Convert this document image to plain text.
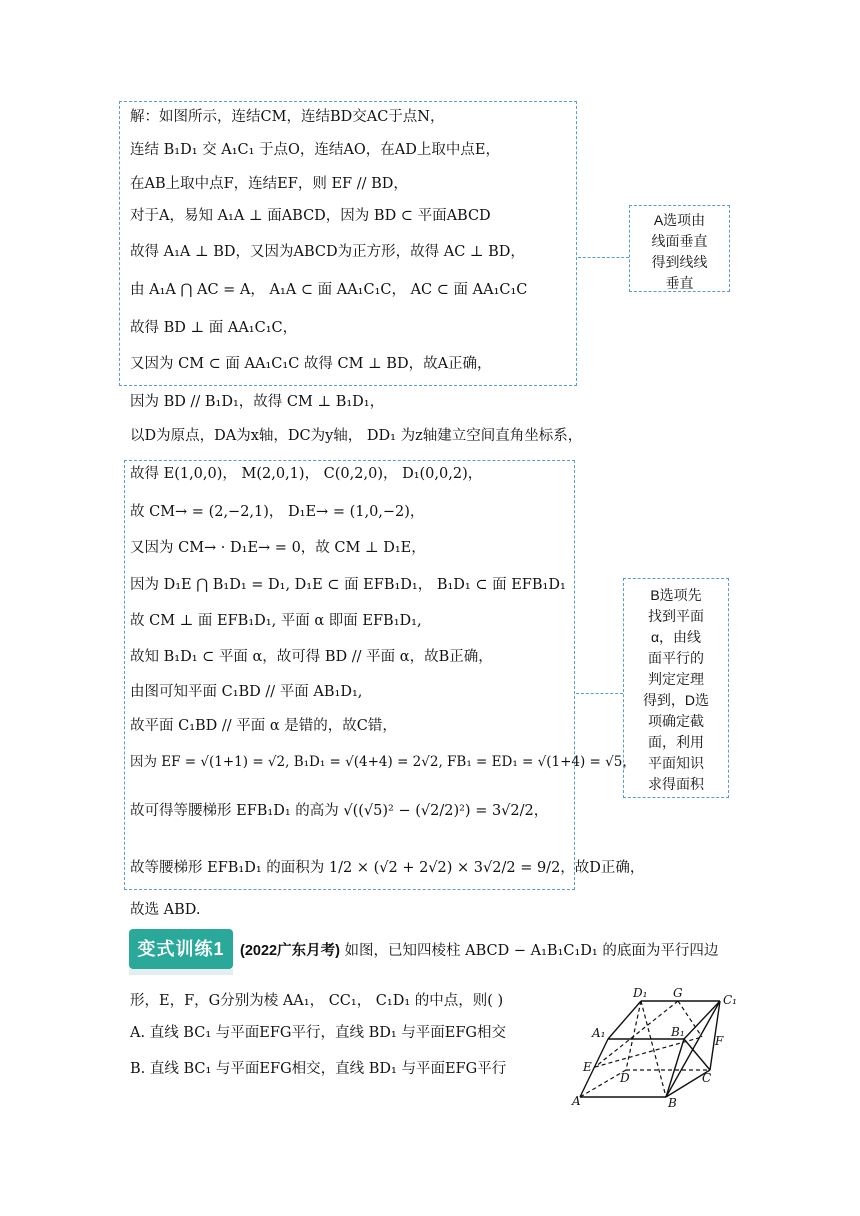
解：如图所示，连结CM，连结BD交AC于点N，
连结 B₁D₁ 交 A₁C₁ 于点O，连结AO，在AD上取中点E，
在AB上取中点F，连结EF，则 EF // BD，
对于A，易知 A₁A ⊥ 面ABCD，因为 BD ⊂ 平面ABCD
故得 A₁A ⊥ BD，又因为ABCD为正方形，故得 AC ⊥ BD，
由 A₁A ⋂ AC = A， A₁A ⊂ 面 AA₁C₁C， AC ⊂ 面 AA₁C₁C
故得 BD ⊥ 面 AA₁C₁C，
又因为 CM ⊂ 面 AA₁C₁C 故得 CM ⊥ BD，故A正确，
A选项由
线面垂直
得到线线
垂直
因为 BD // B₁D₁，故得 CM ⊥ B₁D₁，
以D为原点，DA为x轴，DC为y轴， DD₁ 为z轴建立空间直角坐标系，
故得 E(1,0,0)， M(2,0,1)， C(0,2,0)， D₁(0,0,2)，
故 CM→ = (2,−2,1)， D₁E→ = (1,0,−2)，
又因为 CM→ · D₁E→ = 0，故 CM ⊥ D₁E，
因为 D₁E ⋂ B₁D₁ = D₁, D₁E ⊂ 面 EFB₁D₁， B₁D₁ ⊂ 面 EFB₁D₁
故 CM ⊥ 面 EFB₁D₁, 平面 α 即面 EFB₁D₁,
故知 B₁D₁ ⊂ 平面 α，故可得 BD // 平面 α，故B正确，
由图可知平面 C₁BD // 平面 AB₁D₁,
故平面 C₁BD // 平面 α 是错的，故C错，
因为 EF = √(1+1) = √2, B₁D₁ = √(4+4) = 2√2, FB₁ = ED₁ = √(1+4) = √5，
故可得等腰梯形 EFB₁D₁ 的高为 √((√5)² − (√2/2)²) = 3√2/2，
故等腰梯形 EFB₁D₁ 的面积为 1/2 × (√2 + 2√2) × 3√2/2 = 9/2，故D正确，
B选项先
找到平面
α，由线
面平行的
判定定理
得到，D选
项确定截
面，利用
平面知识
求得面积
故选 ABD.
变式训练1	(2022广东月考) 如图，已知四棱柱 ABCD − A₁B₁C₁D₁ 的底面为平行四边
形，E，F，G分别为棱 AA₁， CC₁， C₁D₁ 的中点，则( )
A. 直线 BC₁ 与平面EFG平行，直线 BD₁ 与平面EFG相交
B. 直线 BC₁ 与平面EFG相交，直线 BD₁ 与平面EFG平行
D₁ G	C₁
A₁	B₁
F
E
D	C
A	B
